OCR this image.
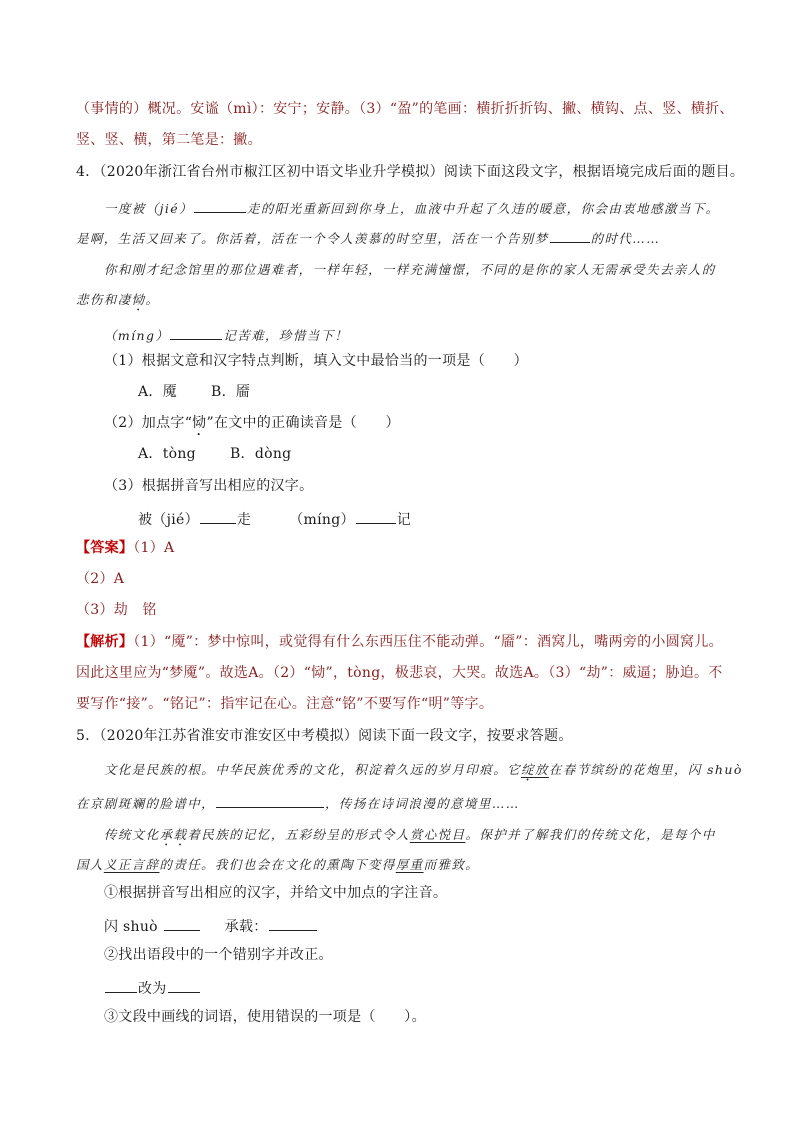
（事情的）概况。安谧（mì）：安宁；安静。（3）“盈”的笔画：横折折折钩、撇、横钩、点、竖、横折、
竖、竖、横，第二笔是：撇。
4．（2020年浙江省台州市椒江区初中语文毕业升学模拟）阅读下面这段文字，根据语境完成后面的题目。
一度被（jié）	走的阳光重新回到你身上，血液中升起了久违的暖意，你会由衷地感激当下。
是啊，生活又回来了。你活着，活在一个令人羡慕的时空里，活在一个告别梦	的时代……
你和刚才纪念馆里的那位遇难者，一样年轻，一样充满憧憬，不同的是你的家人无需承受失去亲人的
悲伤和凄恸。
（míng）	记苦难，珍惜当下！
（1）根据文意和汉字特点判断，填入文中最恰当的一项是（　　）
A．魇 B．靥
（2）加点字“恸”在文中的正确读音是（　　）
A．tòng B．dòng
（3）根据拼音写出相应的汉字。
被（jié）	走	（míng）	记
【答案】（1）A
（2）A
（3）劫　铭
【解析】（1）“魇”：梦中惊叫，或觉得有什么东西压住不能动弹。“靥”：酒窝儿，嘴两旁的小圆窝儿。
因此这里应为“梦魇”。故选A。（2）“恸”，tòng，极悲哀，大哭。故选A。（3）“劫”：威逼；胁迫。不
要写作“接”。“铭记”：指牢记在心。注意“铭”不要写作“明”等字。
5．（2020年江苏省淮安市淮安区中考模拟）阅读下面一段文字，按要求答题。
文化是民族的根。中华民族优秀的文化，积淀着久远的岁月印痕。它绽放在春节缤纷的花炮里，闪 shuò
在京剧斑斓的脸谱中，	，传扬在诗词浪漫的意境里……
传统文化承载着民族的记忆，五彩纷呈的形式令人赏心悦目。保护并了解我们的传统文化，是每个中
国人义正言辞的责任。我们也会在文化的熏陶下变得厚重而雅致。
①根据拼音写出相应的汉字，并给文中加点的字注音。
闪 shuò	承载：
②找出语段中的一个错别字并改正。
改为
③文段中画线的词语，使用错误的一项是（　　）。
